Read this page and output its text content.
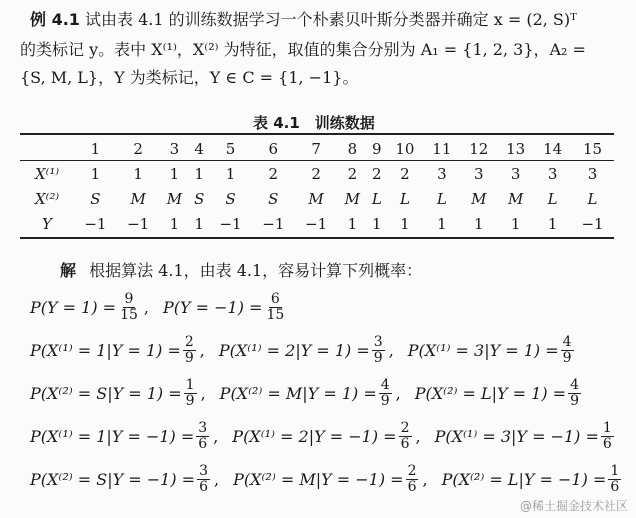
例 4.1 试由表 4.1 的训练数据学习一个朴素贝叶斯分类器并确定 x = (2, S)ᵀ
的类标记 y。表中 X⁽¹⁾，X⁽²⁾ 为特征，取值的集合分别为 A₁ = {1, 2, 3}，A₂ =
{S, M, L}，Y 为类标记，Y ∈ C = {1, −1}。
表 4.1　训练数据
	1	2	3	4	5	6	7	8	9	10	11	12	13	14	15
X⁽¹⁾	1	1	1	1	1	2	2	2	2	2	3	3	3	3	3
X⁽²⁾	S	M	M	S	S	S	M	M	L	L	L	M	M	L	L
Y	−1	−1	1	1	−1	−1	−1	1	1	1	1	1	1	1	−1
解 根据算法 4.1，由表 4.1，容易计算下列概率：
$P(Y = 1) = \frac{9}{15}$ , $P(Y = -1) = \frac{6}{15}$
$P(X^{(1)} = 1|Y = 1) = \frac{2}{9}$ , $P(X^{(1)} = 2|Y = 1) = \frac{3}{9}$ , $P(X^{(1)} = 3|Y = 1) = \frac{4}{9}$
$P(X^{(2)} = S|Y = 1) = \frac{1}{9}$ , $P(X^{(2)} = M|Y = 1) = \frac{4}{9}$ , $P(X^{(2)} = L|Y = 1) = \frac{4}{9}$
$P(X^{(1)} = 1|Y = -1) = \frac{3}{6}$ , $P(X^{(1)} = 2|Y = -1) = \frac{2}{6}$ , $P(X^{(1)} = 3|Y = -1) = \frac{1}{6}$
$P(X^{(2)} = S|Y = -1) = \frac{3}{6}$ , $P(X^{(2)} = M|Y = -1) = \frac{2}{6}$ , $P(X^{(2)} = L|Y = -1) = \frac{1}{6}$
@稀土掘金技术社区
